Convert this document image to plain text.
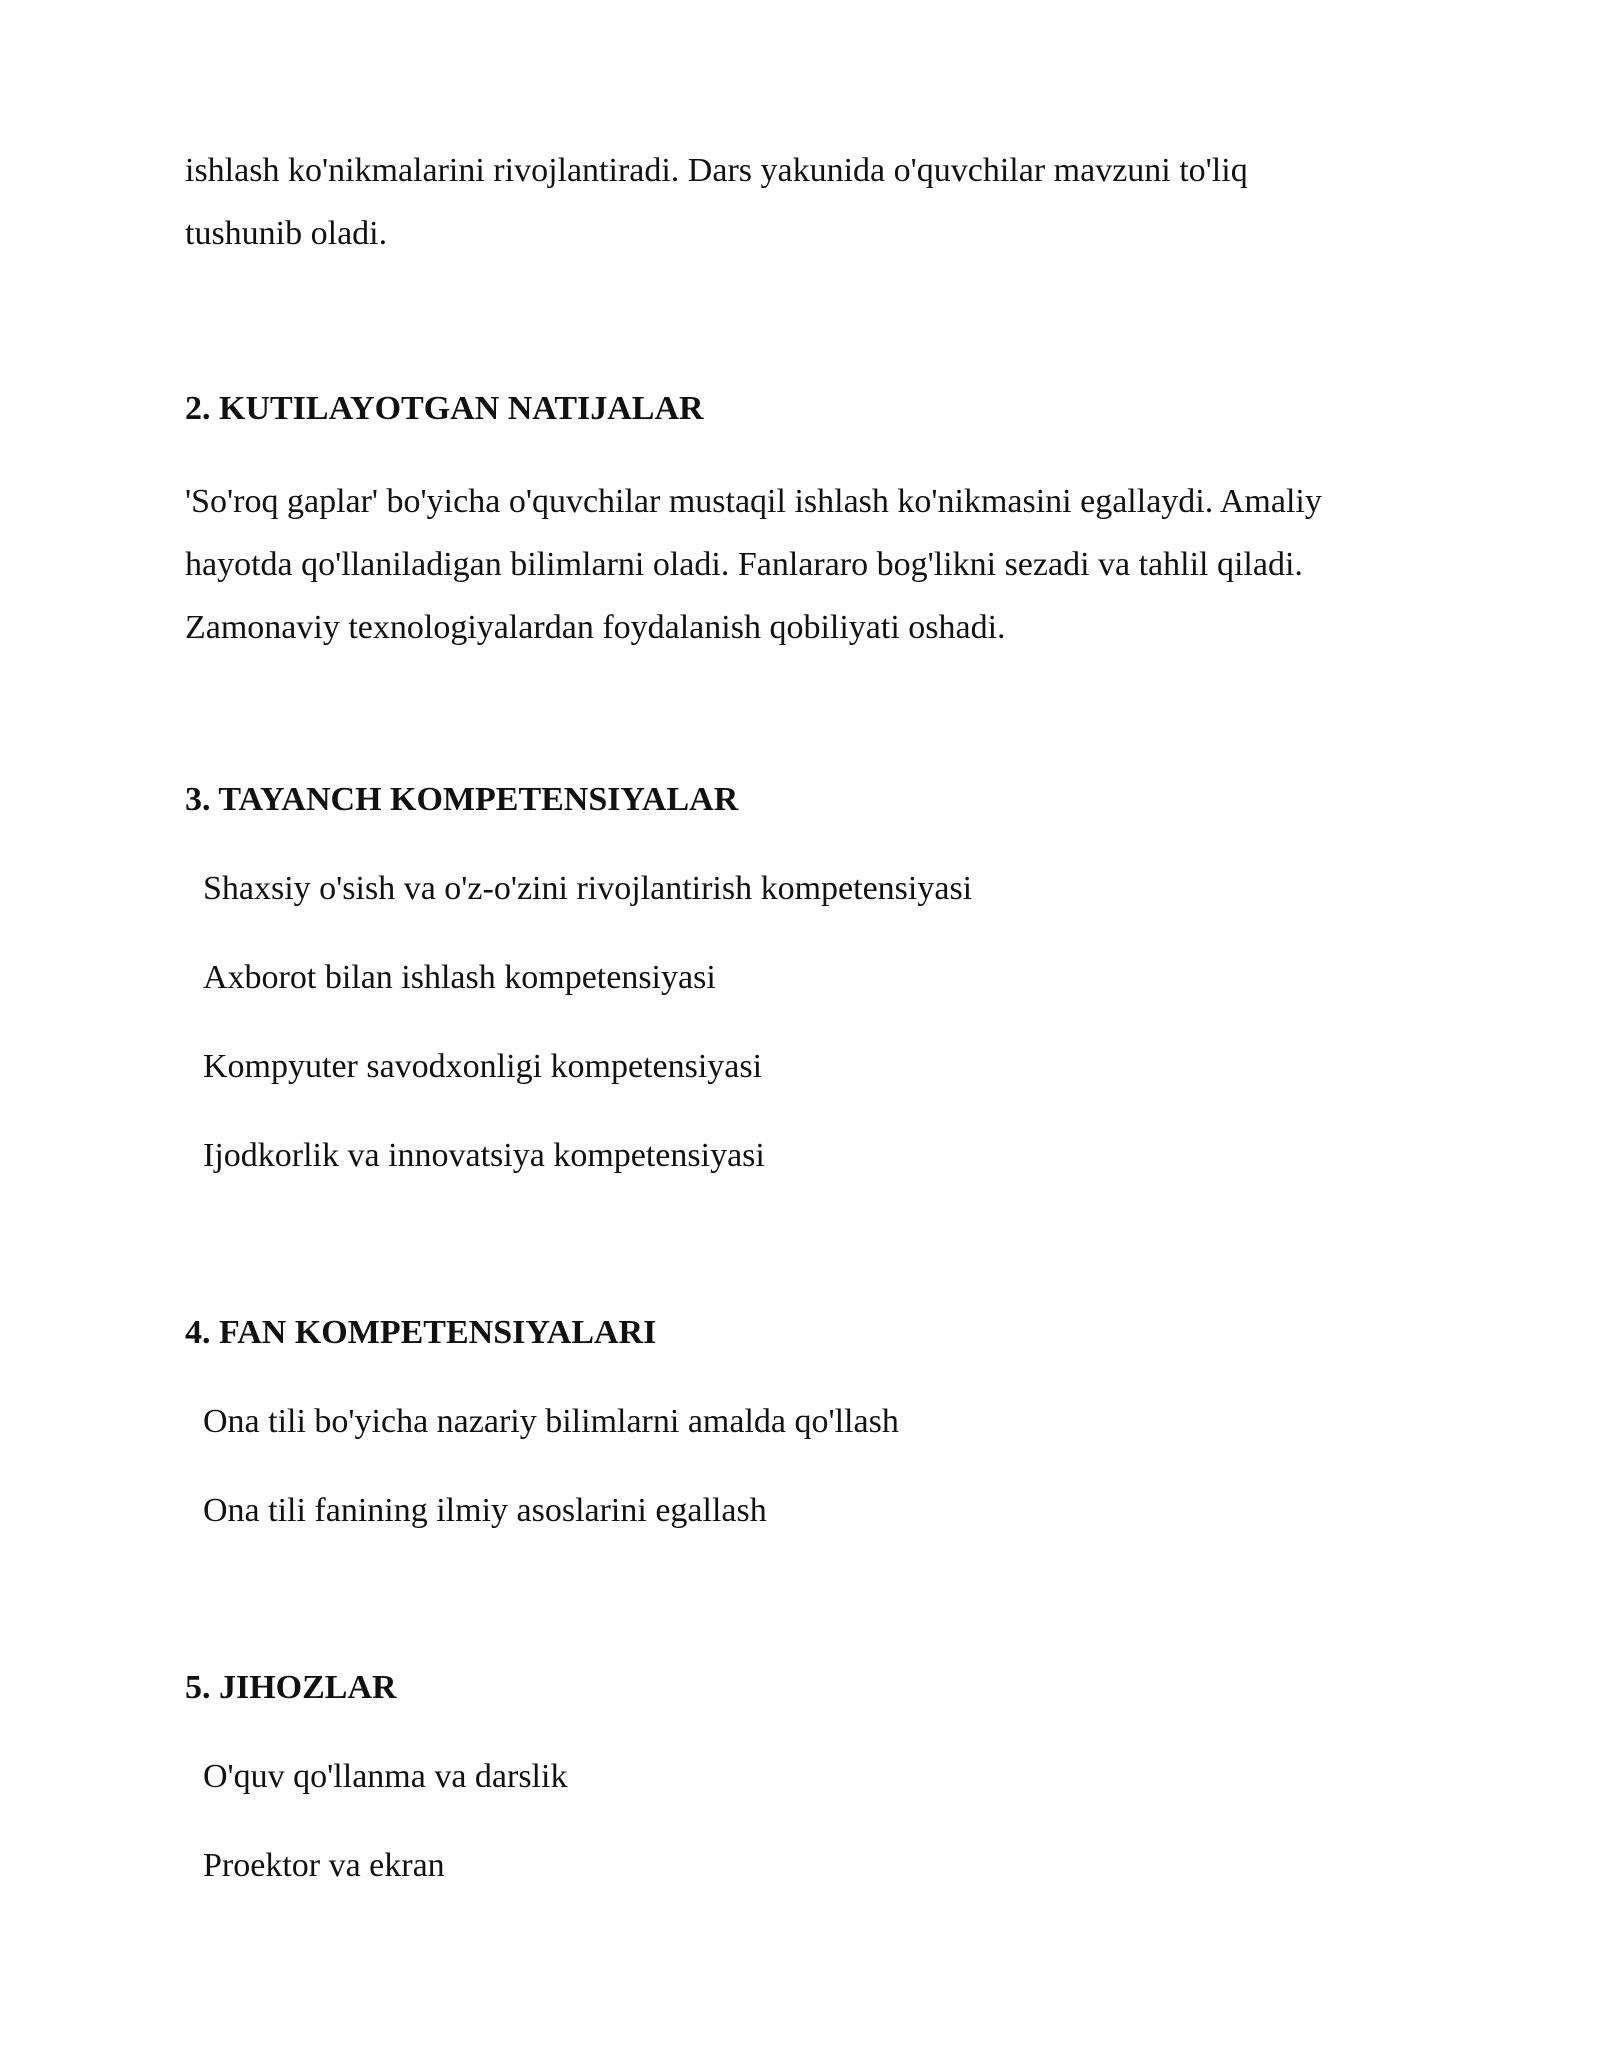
ishlash ko'nikmalarini rivojlantiradi. Dars yakunida o'quvchilar mavzuni to'liq

tushunib oladi.

2. KUTILAYOTGAN NATIJALAR

'So'roq gaplar' bo'yicha o'quvchilar mustaqil ishlash ko'nikmasini egallaydi. Amaliy

hayotda qo'llaniladigan bilimlarni oladi. Fanlararo bog'likni sezadi va tahlil qiladi.

Zamonaviy texnologiyalardan foydalanish qobiliyati oshadi.

3. TAYANCH KOMPETENSIYALAR

Shaxsiy o'sish va o'z-o'zini rivojlantirish kompetensiyasi

Axborot bilan ishlash kompetensiyasi

Kompyuter savodxonligi kompetensiyasi

Ijodkorlik va innovatsiya kompetensiyasi

4. FAN KOMPETENSIYALARI

Ona tili bo'yicha nazariy bilimlarni amalda qo'llash

Ona tili fanining ilmiy asoslarini egallash

5. JIHOZLAR

O'quv qo'llanma va darslik

Proektor va ekran
